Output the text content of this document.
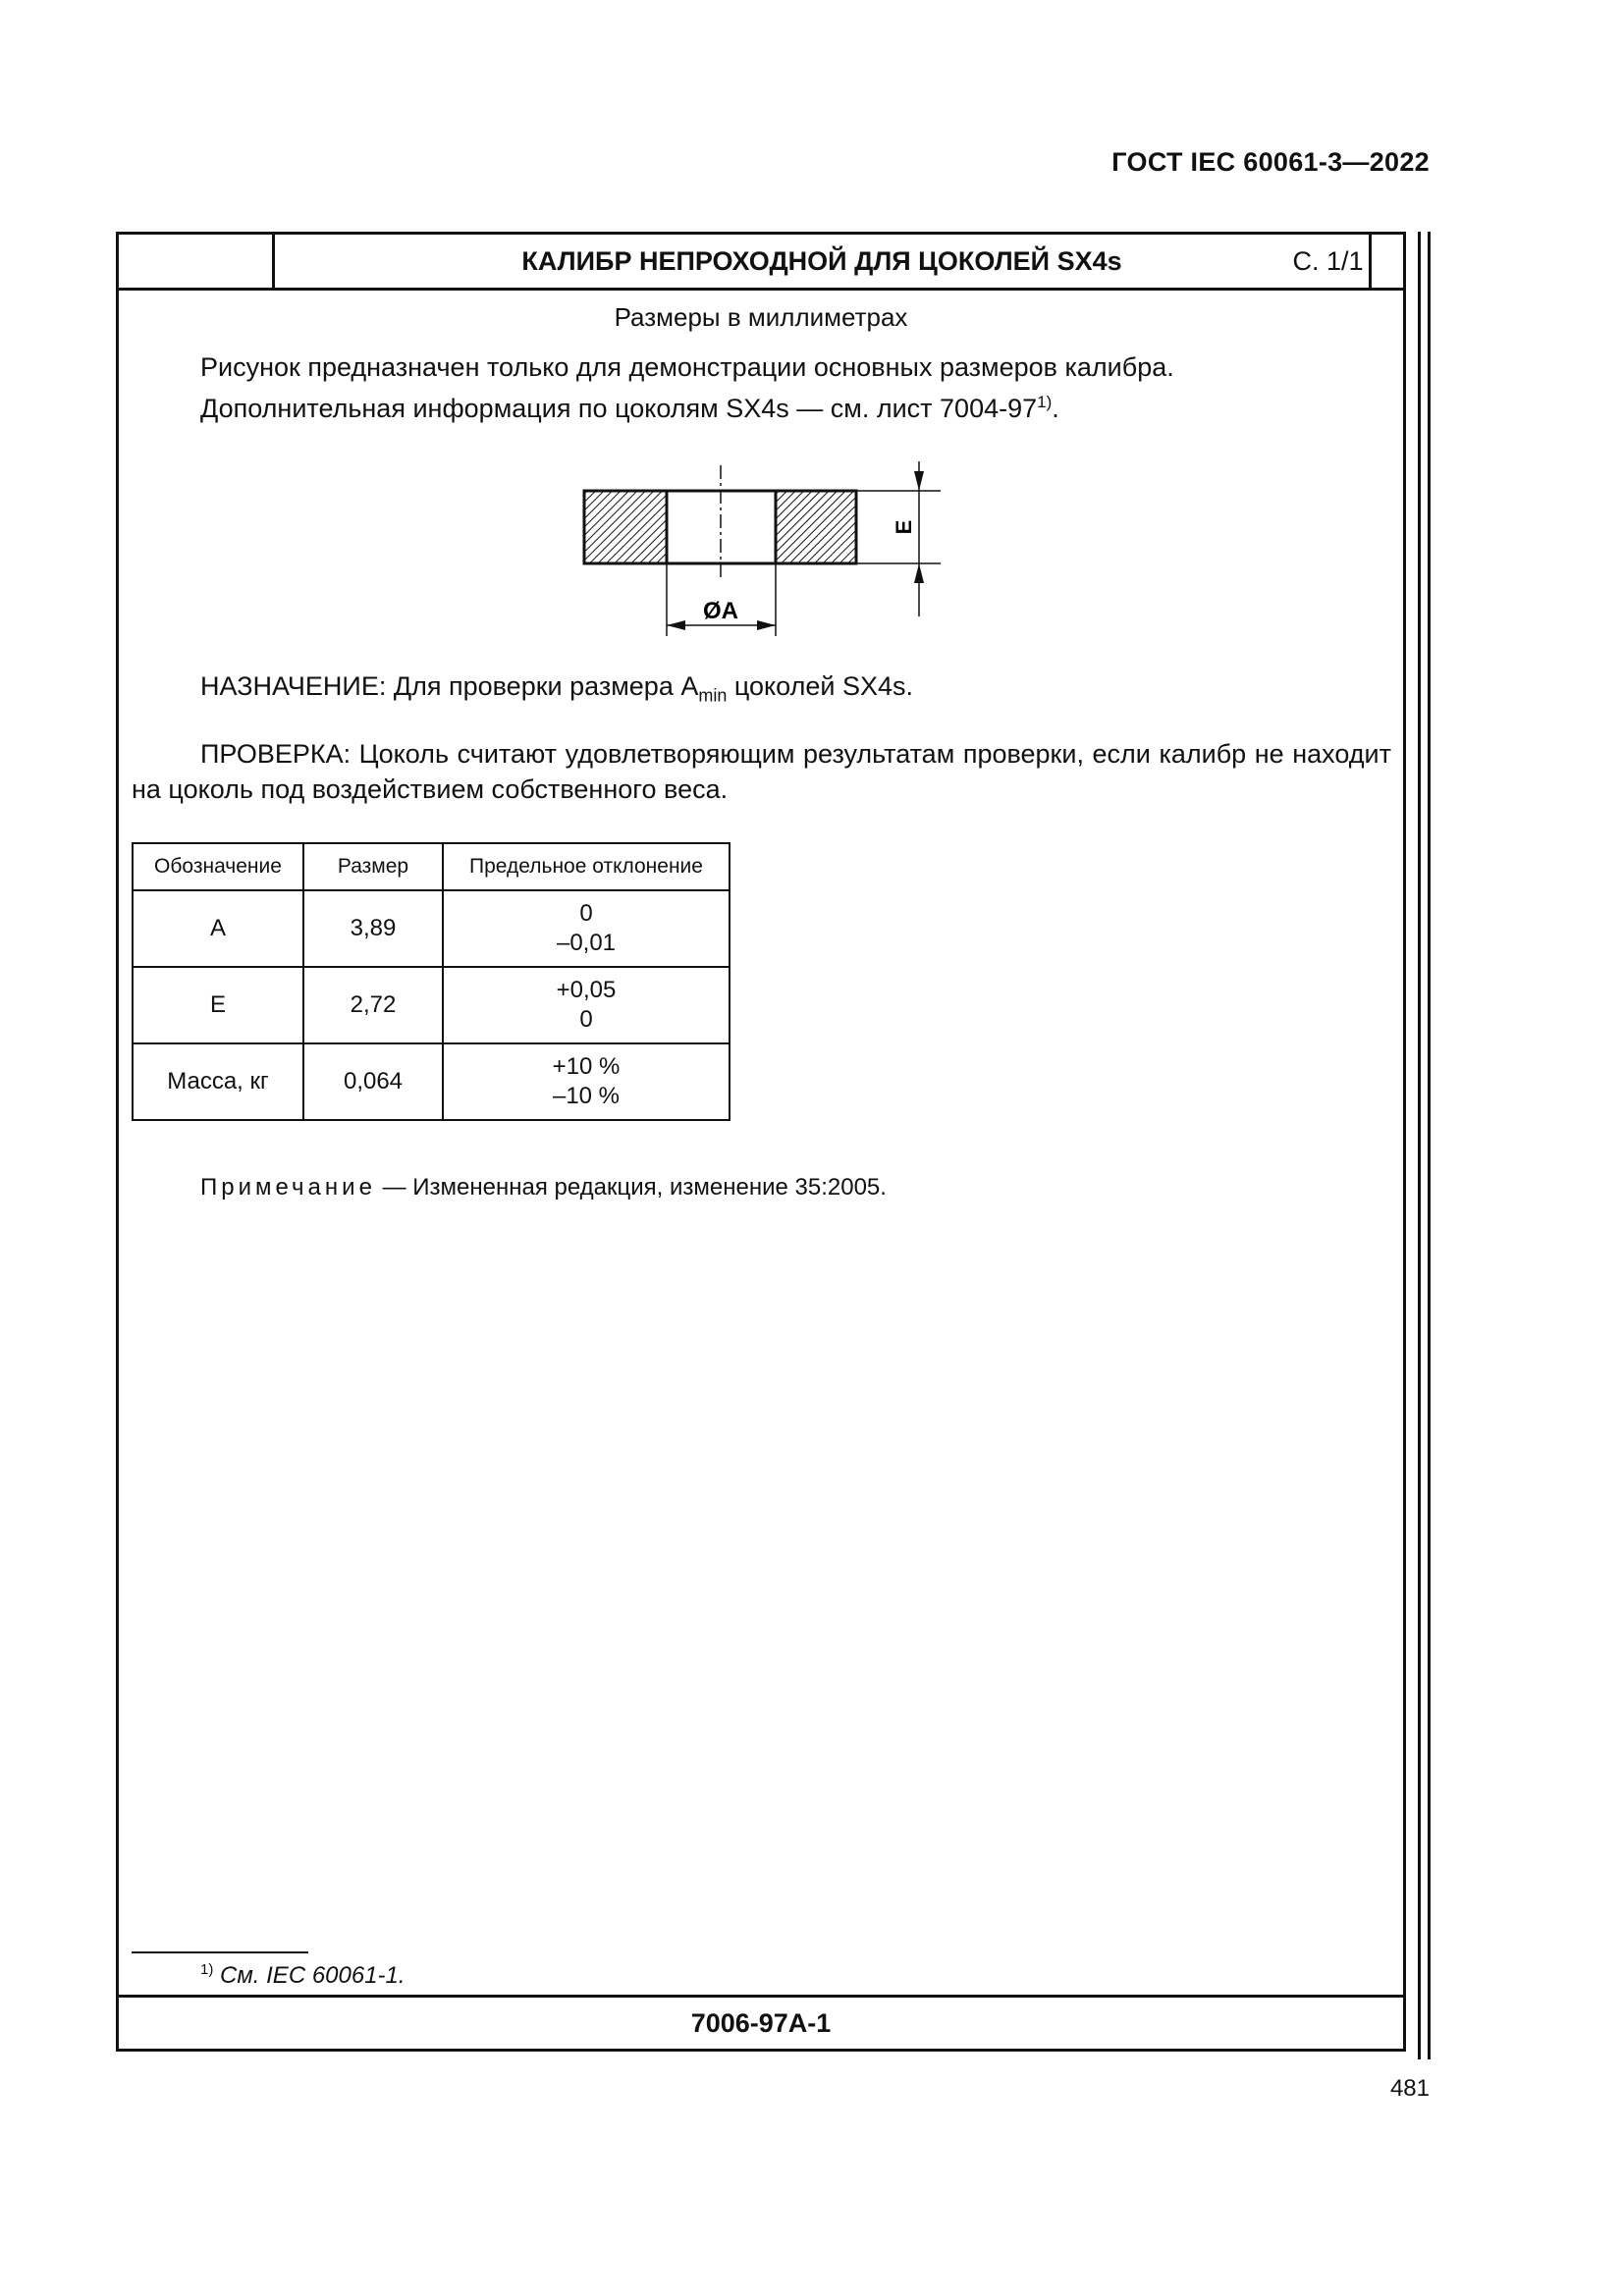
ГОСТ IEC 60061-3—2022
КАЛИБР НЕПРОХОДНОЙ ДЛЯ ЦОКОЛЕЙ SX4s	С. 1/1
7006-97A-1
Размеры в миллиметрах
Рисунок предназначен только для демонстрации основных размеров калибра.
Дополнительная информация по цоколям SX4s — см. лист 7004-97$^{1)}$.
ØA
E
НАЗНАЧЕНИЕ: Для проверки размера $A_{min}$ цоколей SX4s.
ПРОВЕРКА: Цоколь считают удовлетворяющим результатам проверки, если калибр не находит на цоколь под воздействием собственного веса.
Обозначение	Размер	Предельное отклонение
A	3,89	0
–0,01

E	2,72	+0,05
0

Масса, кг	0,064	+10 %
–10 %
Примечание — Измененная редакция, изменение 35:2005.
$^{1)}$ См. IEC 60061-1.
481
